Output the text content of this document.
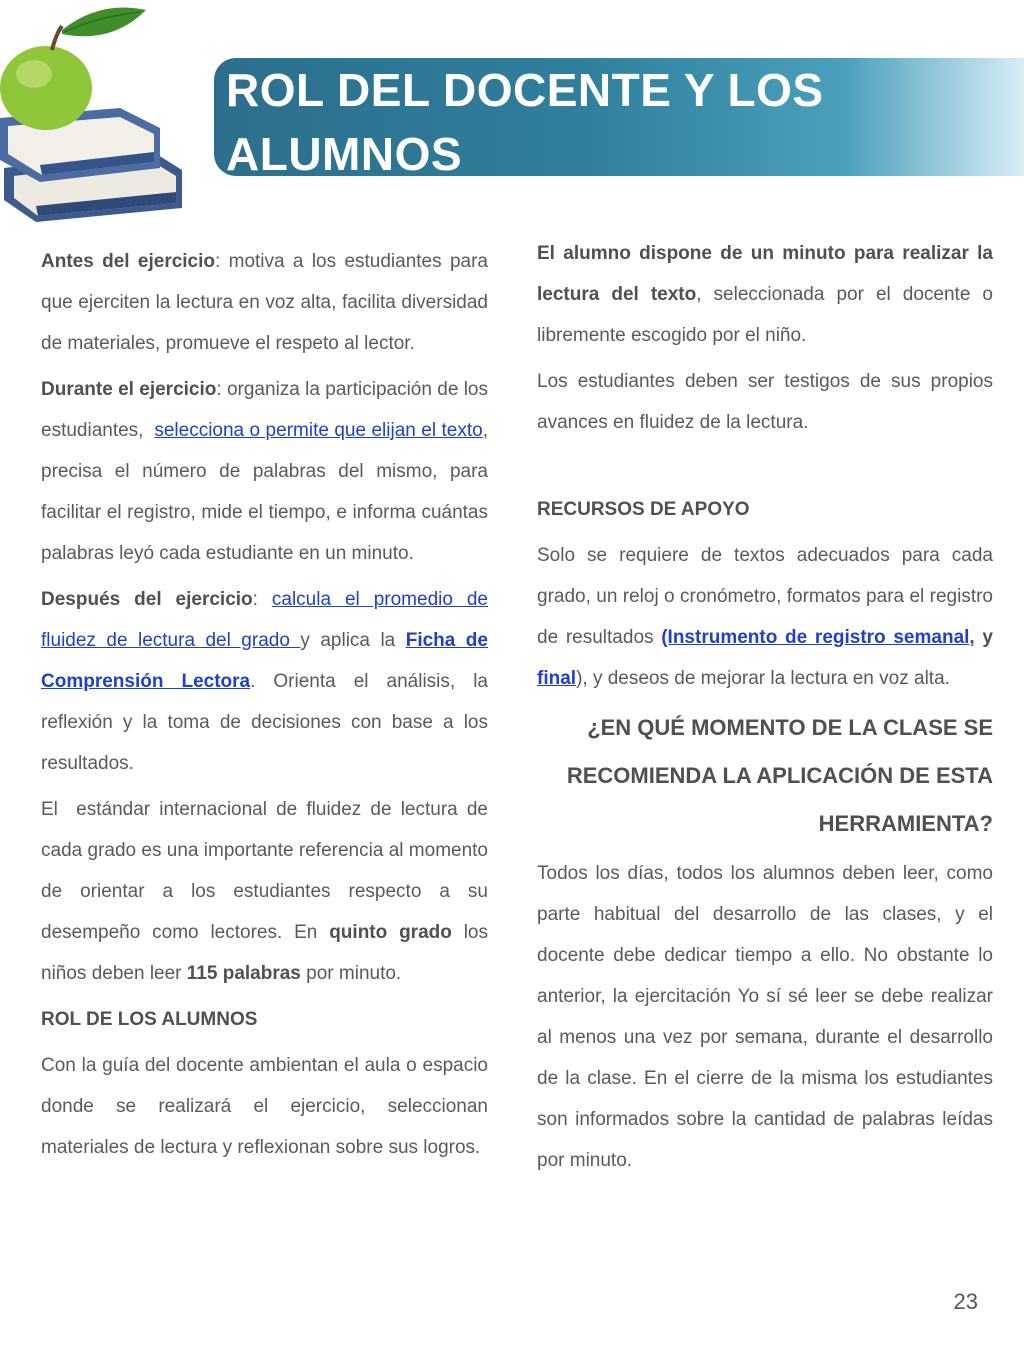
ROL DEL DOCENTE Y LOS
ALUMNOS

Antes del ejercicio: motiva a los estudiantes para que ejerciten la lectura en voz alta, facilita diversidad de materiales, promueve el respeto al lector.

Durante el ejercicio: organiza la participación de los estudiantes,  selecciona o permite que elijan el texto, precisa el número de palabras del mismo, para facilitar el registro, mide el tiempo, e informa cuántas palabras leyó cada estudiante en un minuto.

Después del ejercicio: calcula el promedio de fluidez de lectura del grado y aplica la Ficha de Comprensión Lectora. Orienta el análisis, la reflexión y la toma de decisiones con base a los resultados.

El  estándar internacional de fluidez de lectura de cada grado es una importante referencia al momento de orientar a los estudiantes respecto a su desempeño como lectores. En quinto grado los niños deben leer 115 palabras por minuto.

ROL DE LOS ALUMNOS

Con la guía del docente ambientan el aula o espacio donde se realizará el ejercicio, seleccionan materiales de lectura y reflexionan sobre sus logros.

El alumno dispone de un minuto para realizar la lectura del texto, seleccionada por el docente o libremente escogido por el niño.

Los estudiantes deben ser testigos de sus propios avances en fluidez de la lectura.

RECURSOS DE APOYO

Solo se requiere de textos adecuados para cada grado, un reloj o cronómetro, formatos para el registro de resultados (Instrumento de registro semanal, y final), y deseos de mejorar la lectura en voz alta.

¿EN QUÉ MOMENTO DE LA CLASE SE RECOMIENDA LA APLICACIÓN DE ESTA HERRAMIENTA?

Todos los días, todos los alumnos deben leer, como parte habitual del desarrollo de las clases, y el docente debe dedicar tiempo a ello. No obstante lo anterior, la ejercitación Yo sí sé leer se debe realizar al menos una vez por semana, durante el desarrollo de la clase. En el cierre de la misma los estudiantes son informados sobre la cantidad de palabras leídas por minuto.

23
